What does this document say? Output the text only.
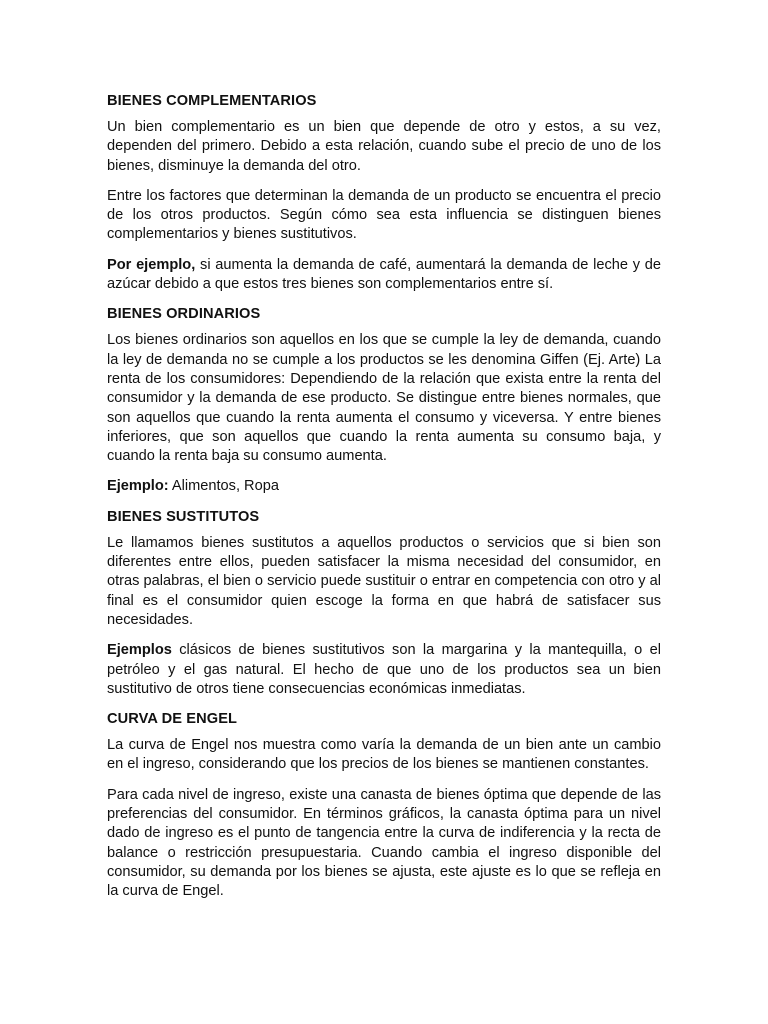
BIENES COMPLEMENTARIOS

Un bien complementario es un bien que depende de otro y estos, a su vez, dependen del primero. Debido a esta relación, cuando sube el precio de uno de los bienes, disminuye la demanda del otro.

Entre los factores que determinan la demanda de un producto se encuentra el precio de los otros productos. Según cómo sea esta influencia se distinguen bienes complementarios y bienes sustitutivos.

Por ejemplo, si aumenta la demanda de café, aumentará la demanda de leche y de azúcar debido a que estos tres bienes son complementarios entre sí.

BIENES ORDINARIOS

Los bienes ordinarios son aquellos en los que se cumple la ley de demanda, cuando la ley de demanda no se cumple a los productos se les denomina Giffen (Ej. Arte) La renta de los consumidores: Dependiendo de la relación que exista entre la renta del consumidor y la demanda de ese producto. Se distingue entre bienes normales, que son aquellos que cuando la renta aumenta el consumo y viceversa. Y entre bienes inferiores, que son aquellos que cuando la renta aumenta su consumo baja, y cuando la renta baja su consumo aumenta.

Ejemplo: Alimentos, Ropa

BIENES SUSTITUTOS

Le llamamos bienes sustitutos a aquellos productos o servicios que si bien son diferentes entre ellos, pueden satisfacer la misma necesidad del consumidor, en otras palabras, el bien o servicio puede sustituir o entrar en competencia con otro y al final es el consumidor quien escoge la forma en que habrá de satisfacer sus necesidades.

Ejemplos clásicos de bienes sustitutivos son la margarina y la mantequilla, o el petróleo y el gas natural. El hecho de que uno de los productos sea un bien sustitutivo de otros tiene consecuencias económicas inmediatas.

CURVA DE ENGEL

La curva de Engel nos muestra como varía la demanda de un bien ante un cambio en el ingreso, considerando que los precios de los bienes se mantienen constantes.

Para cada nivel de ingreso, existe una canasta de bienes óptima que depende de las preferencias del consumidor. En términos gráficos, la canasta óptima para un nivel dado de ingreso es el punto de tangencia entre la curva de indiferencia y la recta de balance o restricción presupuestaria. Cuando cambia el ingreso disponible del consumidor, su demanda por los bienes se ajusta, este ajuste es lo que se refleja en la curva de Engel.
